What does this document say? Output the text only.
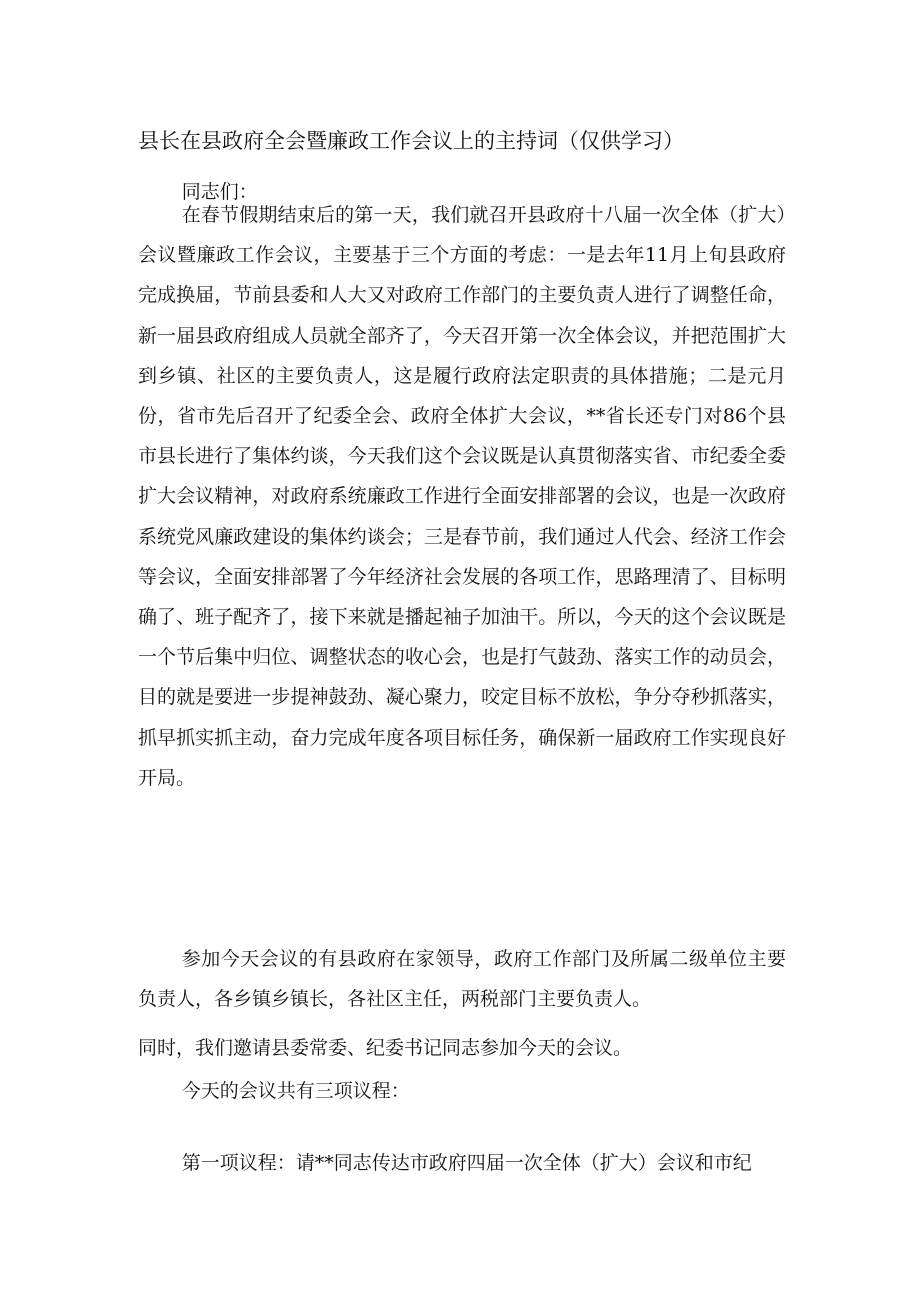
县长在县政府全会暨廉政工作会议上的主持词（仅供学习）

同志们：

在春节假期结束后的第一天，我们就召开县政府十八届一次全体（扩大）会议暨廉政工作会议，主要基于三个方面的考虑：一是去年11月上旬县政府完成换届，节前县委和人大又对政府工作部门的主要负责人进行了调整任命，新一届县政府组成人员就全部齐了，今天召开第一次全体会议，并把范围扩大到乡镇、社区的主要负责人，这是履行政府法定职责的具体措施；二是元月份，省市先后召开了纪委全会、政府全体扩大会议，**省长还专门对86个县市县长进行了集体约谈，今天我们这个会议既是认真贯彻落实省、市纪委全委扩大会议精神，对政府系统廉政工作进行全面安排部署的会议，也是一次政府系统党风廉政建设的集体约谈会；三是春节前，我们通过人代会、经济工作会等会议，全面安排部署了今年经济社会发展的各项工作，思路理清了、目标明确了、班子配齐了，接下来就是播起袖子加油干。所以，今天的这个会议既是一个节后集中归位、调整状态的收心会，也是打气鼓劲、落实工作的动员会，目的就是要进一步提神鼓劲、凝心聚力，咬定目标不放松，争分夺秒抓落实，抓早抓实抓主动，奋力完成年度各项目标任务，确保新一届政府工作实现良好开局。

参加今天会议的有县政府在家领导，政府工作部门及所属二级单位主要负责人，各乡镇乡镇长，各社区主任，两税部门主要负责人。

同时，我们邀请县委常委、纪委书记同志参加今天的会议。

今天的会议共有三项议程：

第一项议程：请**同志传达市政府四届一次全体（扩大）会议和市纪
